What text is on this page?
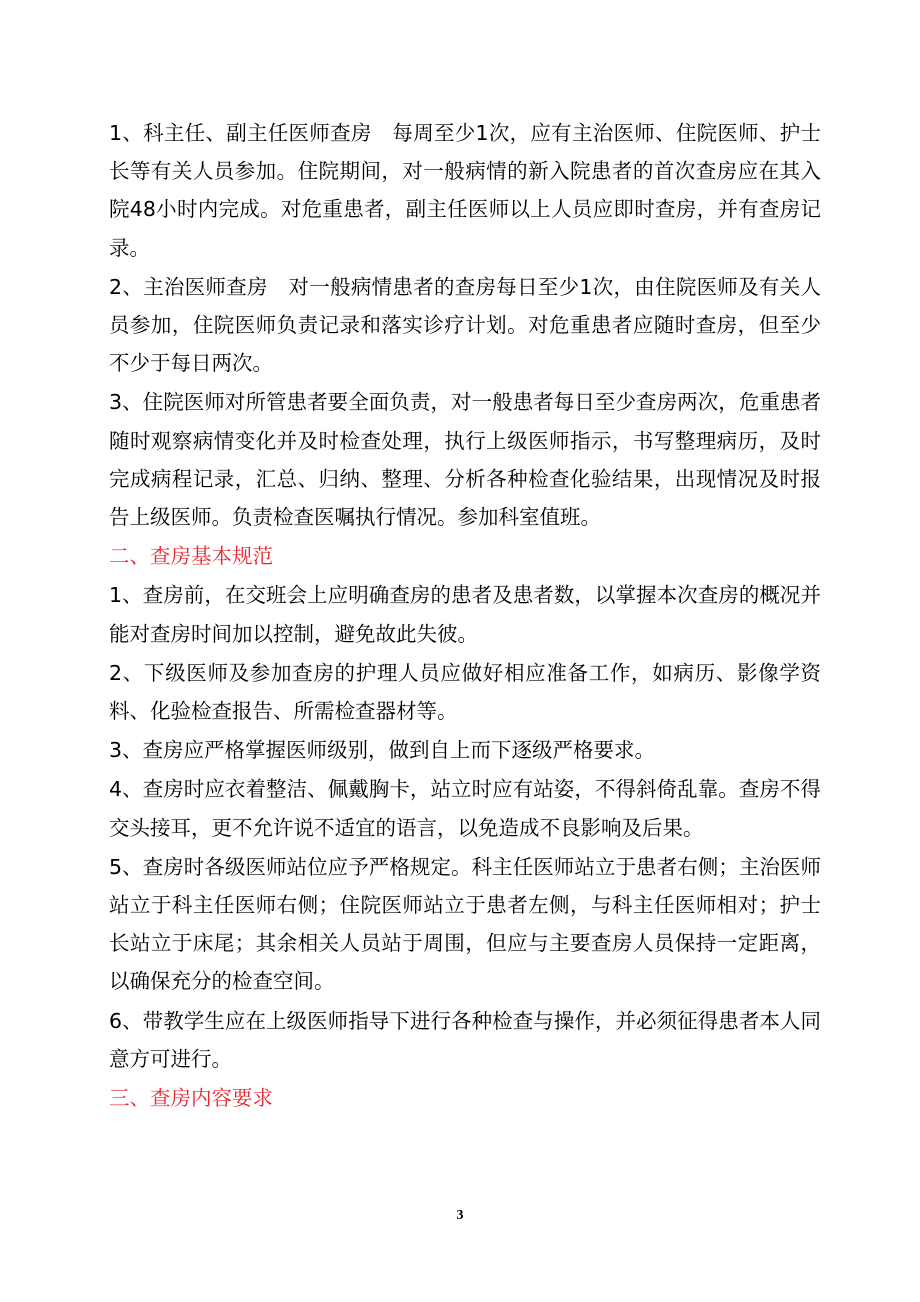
1、科主任、副主任医师查房　每周至少1次，应有主治医师、住院医师、护士长等有关人员参加。住院期间，对一般病情的新入院患者的首次查房应在其入院48小时内完成。对危重患者，副主任医师以上人员应即时查房，并有查房记录。

2、主治医师查房　对一般病情患者的查房每日至少1次，由住院医师及有关人员参加，住院医师负责记录和落实诊疗计划。对危重患者应随时查房，但至少不少于每日两次。

3、住院医师对所管患者要全面负责，对一般患者每日至少查房两次，危重患者随时观察病情变化并及时检查处理，执行上级医师指示，书写整理病历，及时完成病程记录，汇总、归纳、整理、分析各种检查化验结果，出现情况及时报告上级医师。负责检查医嘱执行情况。参加科室值班。

二、查房基本规范

1、查房前，在交班会上应明确查房的患者及患者数，以掌握本次查房的概况并能对查房时间加以控制，避免故此失彼。

2、下级医师及参加查房的护理人员应做好相应准备工作，如病历、影像学资料、化验检查报告、所需检查器材等。

3、查房应严格掌握医师级别，做到自上而下逐级严格要求。

4、查房时应衣着整洁、佩戴胸卡，站立时应有站姿，不得斜倚乱靠。查房不得交头接耳，更不允许说不适宜的语言，以免造成不良影响及后果。

5、查房时各级医师站位应予严格规定。科主任医师站立于患者右侧；主治医师站立于科主任医师右侧；住院医师站立于患者左侧，与科主任医师相对；护士长站立于床尾；其余相关人员站于周围，但应与主要查房人员保持一定距离，以确保充分的检查空间。

6、带教学生应在上级医师指导下进行各种检查与操作，并必须征得患者本人同意方可进行。

三、查房内容要求

3
